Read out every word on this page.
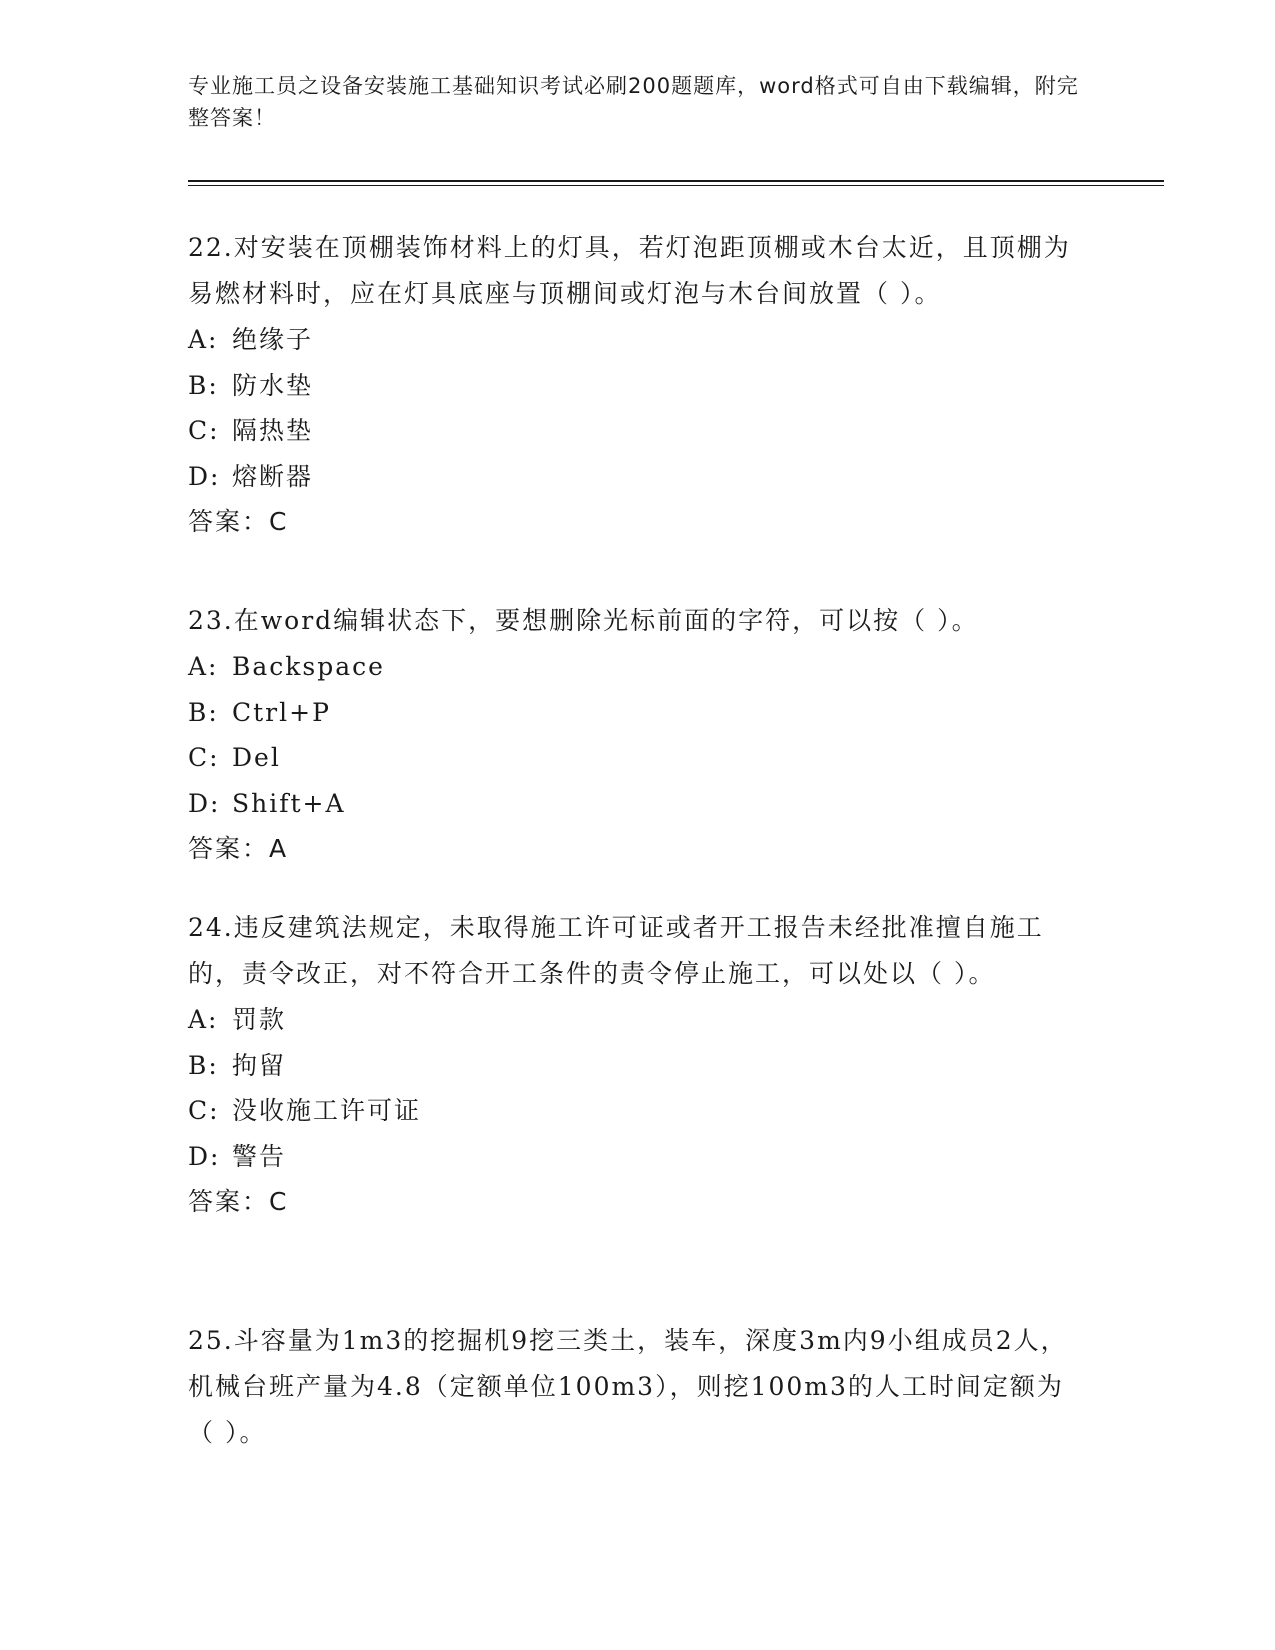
专业施工员之设备安装施工基础知识考试必刷200题题库，word格式可自由下载编辑，附完整答案！

22.对安装在顶棚装饰材料上的灯具，若灯泡距顶棚或木台太近，且顶棚为易燃材料时，应在灯具底座与顶棚间或灯泡与木台间放置（ ）。

A: 绝缘子

B: 防水垫

C: 隔热垫

D: 熔断器

答案：C

23.在word编辑状态下，要想删除光标前面的字符，可以按（ ）。

A: Backspace

B: Ctrl+P

C: Del

D: Shift+A

答案：A

24.违反建筑法规定，未取得施工许可证或者开工报告未经批准擅自施工的，责令改正，对不符合开工条件的责令停止施工，可以处以（ ）。

A: 罚款

B: 拘留

C: 没收施工许可证

D: 警告

答案：C

25.斗容量为1m3的挖掘机9挖三类土，装车，深度3m内9小组成员2人，机械台班产量为4.8（定额单位100m3），则挖100m3的人工时间定额为（ ）。
